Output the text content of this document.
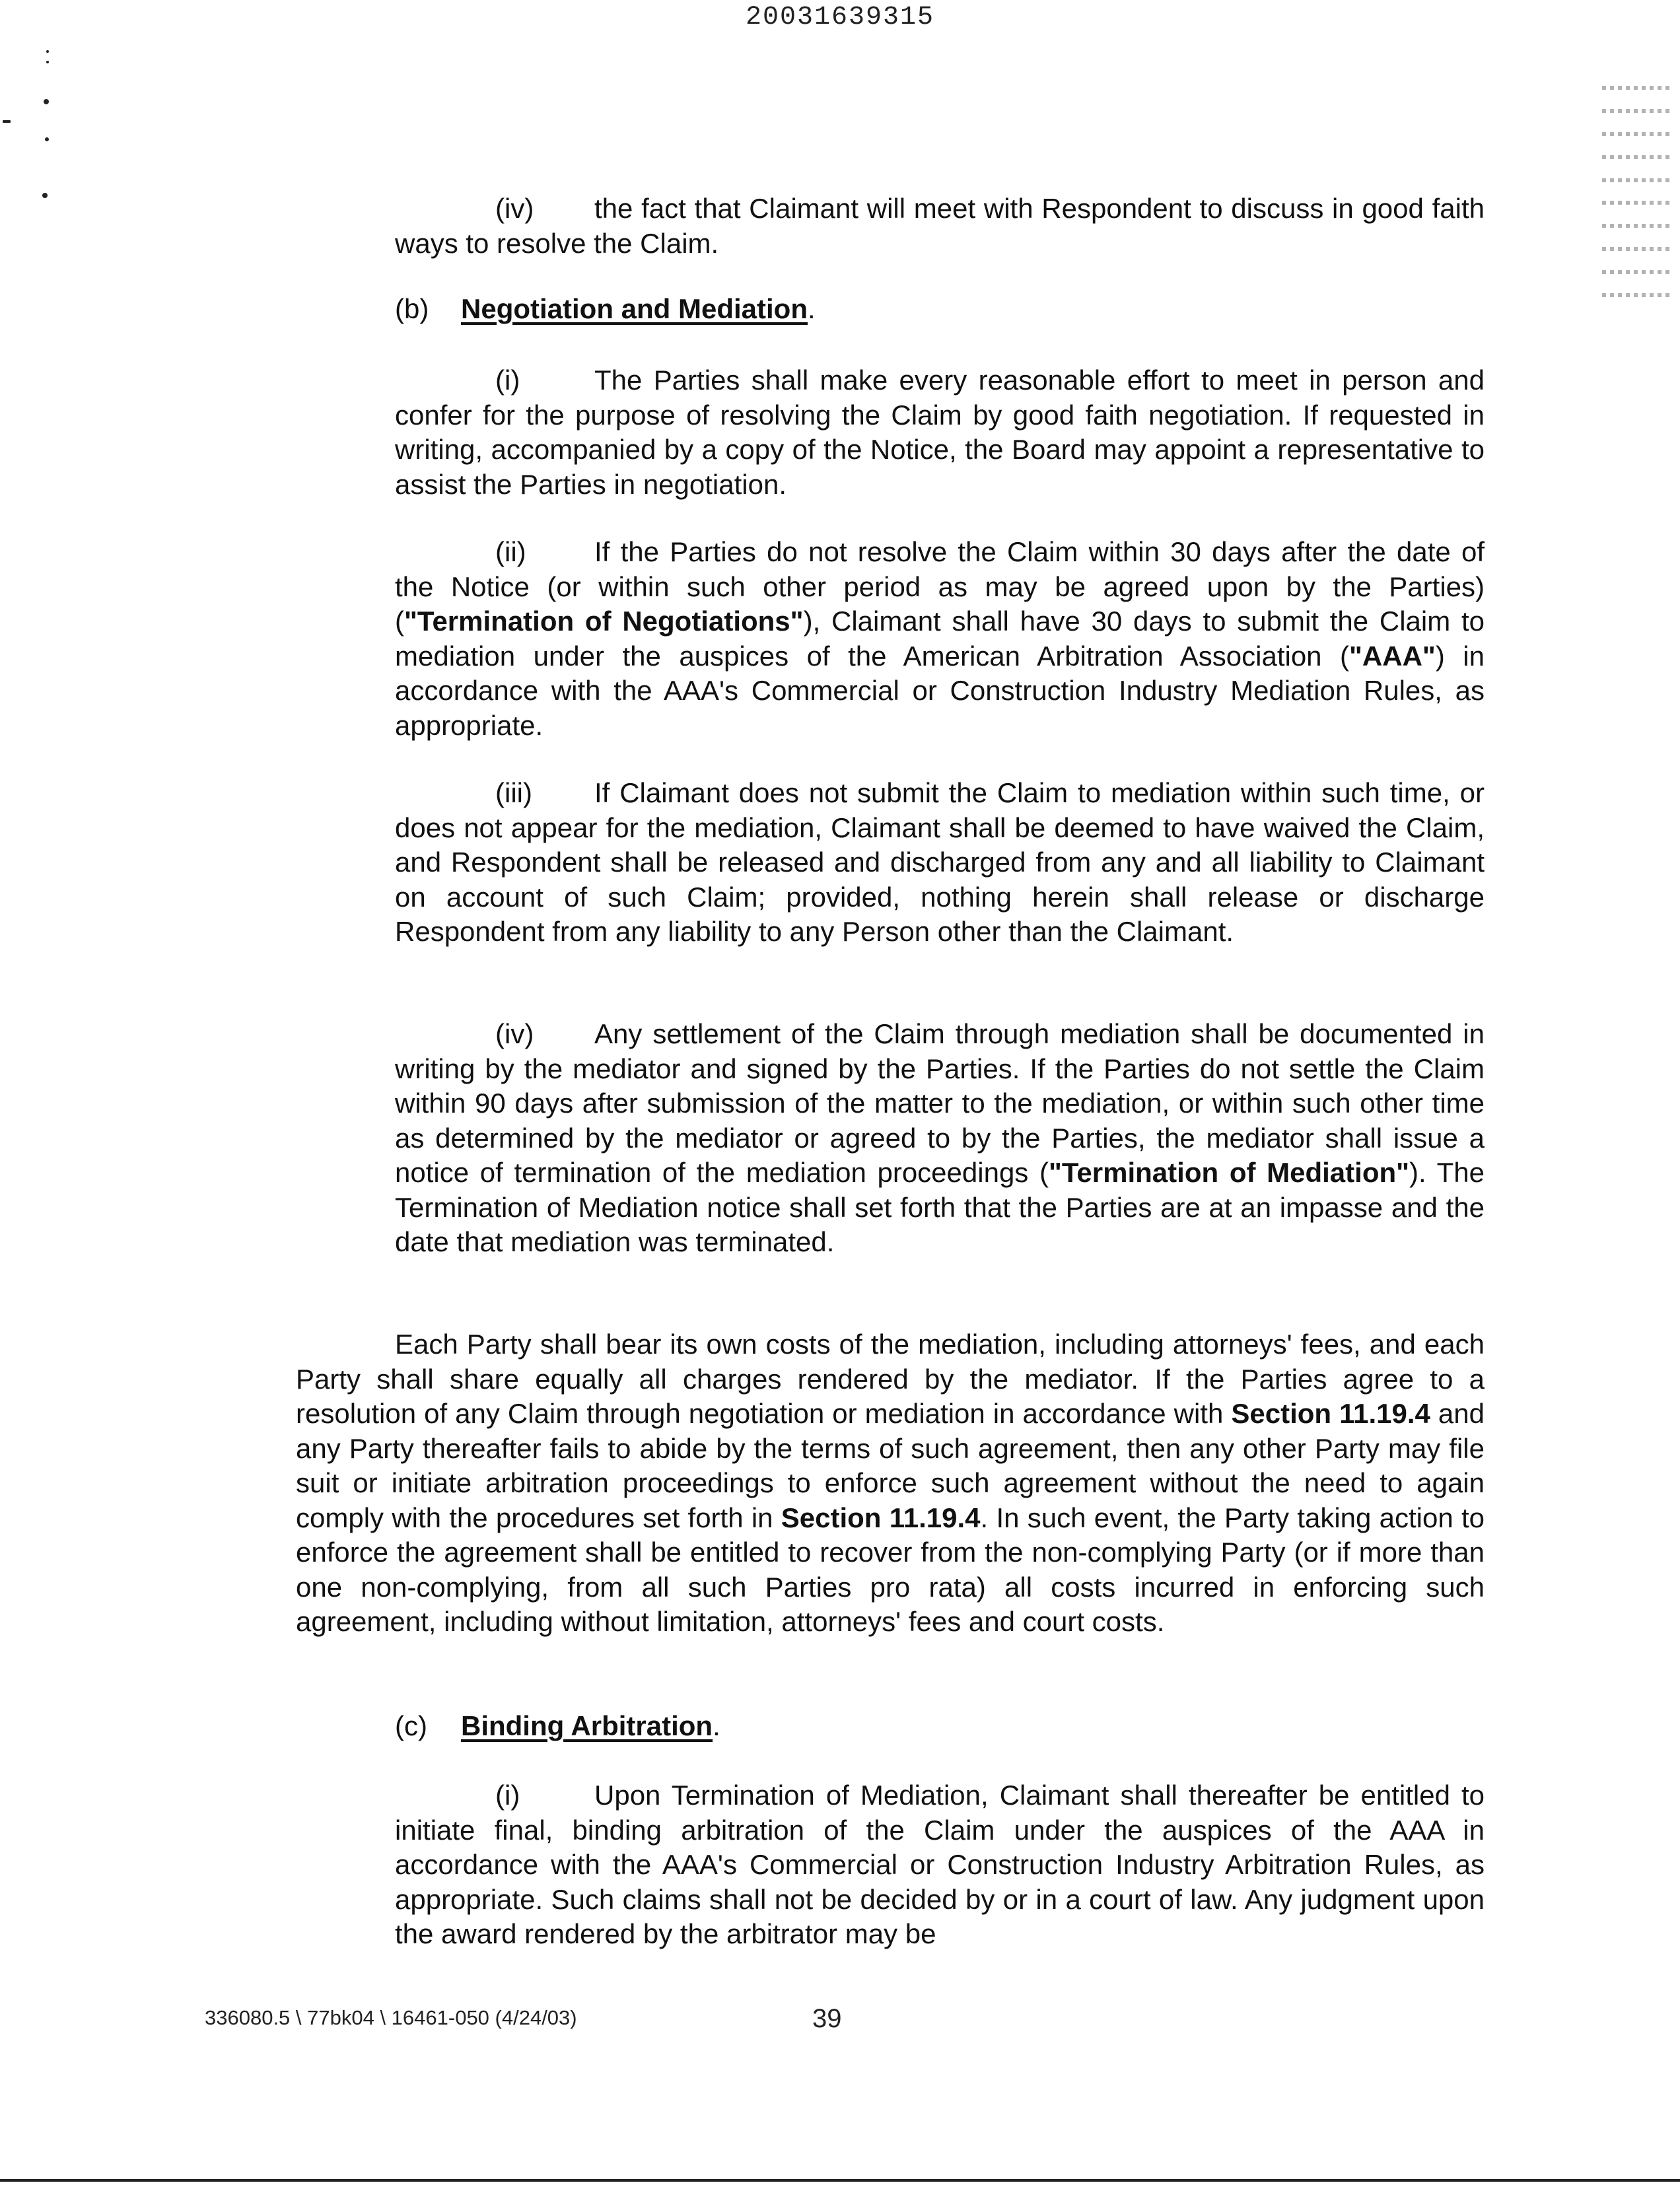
20031639315

(iv) the fact that Claimant will meet with Respondent to discuss in good faith ways to resolve the Claim.

(b) Negotiation and Mediation.

(i)	The Parties shall make every reasonable effort to meet in person and confer for the purpose of resolving the Claim by good faith negotiation. If requested in writing, accompanied by a copy of the Notice, the Board may appoint a representative to assist the Parties in negotiation.

(ii) If the Parties do not resolve the Claim within 30 days after the date of the Notice (or within such other period as may be agreed upon by the Parties) ("Termination of Negotiations"), Claimant shall have 30 days to submit the Claim to mediation under the auspices of the American Arbitration Association ("AAA") in accordance with the AAA's Commercial or Construction Industry Mediation Rules, as appropriate.

(iii) If Claimant does not submit the Claim to mediation within such time, or does not appear for the mediation, Claimant shall be deemed to have waived the Claim, and Respondent shall be released and discharged from any and all liability to Claimant on account of such Claim; provided, nothing herein shall release or discharge Respondent from any liability to any Person other than the Claimant.

(iv) Any settlement of the Claim through mediation shall be documented in writing by the mediator and signed by the Parties. If the Parties do not settle the Claim within 90 days after submission of the matter to the mediation, or within such other time as determined by the mediator or agreed to by the Parties, the mediator shall issue a notice of termination of the mediation proceedings ("Termination of Mediation"). The Termination of Mediation notice shall set forth that the Parties are at an impasse and the date that mediation was terminated.

Each Party shall bear its own costs of the mediation, including attorneys' fees, and each Party shall share equally all charges rendered by the mediator. If the Parties agree to a resolution of any Claim through negotiation or mediation in accordance with Section 11.19.4 and any Party thereafter fails to abide by the terms of such agreement, then any other Party may file suit or initiate arbitration proceedings to enforce such agreement without the need to again comply with the procedures set forth in Section 11.19.4. In such event, the Party taking action to enforce the agreement shall be entitled to recover from the non-complying Party (or if more than one non-complying, from all such Parties pro rata) all costs incurred in enforcing such agreement, including without limitation, attorneys' fees and court costs.

(c) Binding Arbitration.

(i)	Upon Termination of Mediation, Claimant shall thereafter be entitled to initiate final, binding arbitration of the Claim under the auspices of the AAA in accordance with the AAA's Commercial or Construction Industry Arbitration Rules, as appropriate. Such claims shall not be decided by or in a court of law. Any judgment upon the award rendered by the arbitrator may be

336080.5 \ 77bk04 \ 16461-050 (4/24/03)	39
